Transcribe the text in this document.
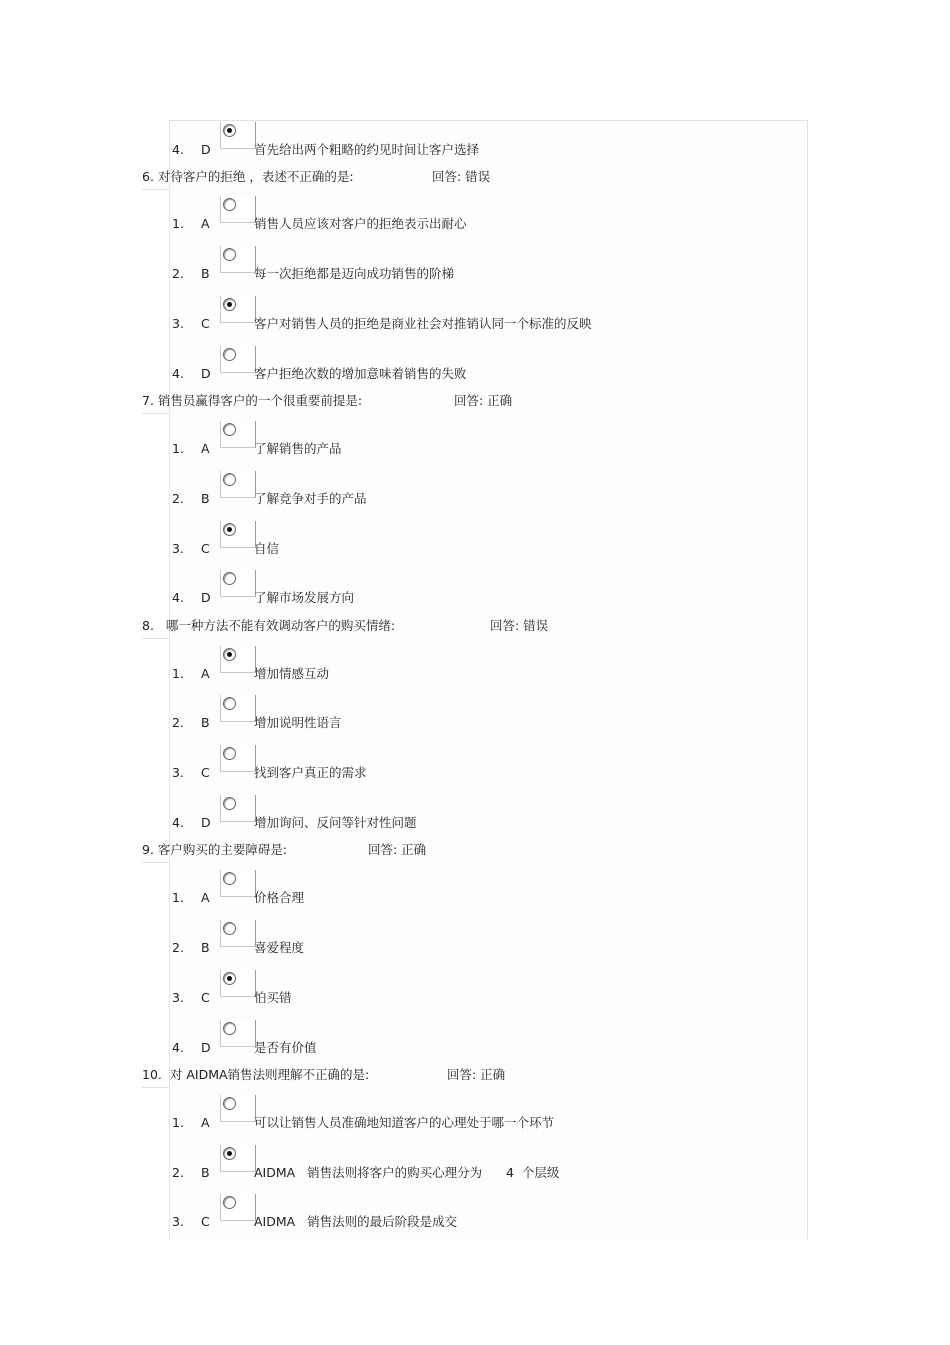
4. D	首先给出两个粗略的约见时间让客户选择
6. 对待客户的拒绝 ，表述不正确的是:	回答: 错误
1. A	销售人员应该对客户的拒绝表示出耐心
2. B	每一次拒绝都是迈向成功销售的阶梯
3. C	客户对销售人员的拒绝是商业社会对推销认同一个标准的反映
4. D	客户拒绝次数的增加意味着销售的失败
7. 销售员赢得客户的一个很重要前提是:	回答: 正确
1. A	了解销售的产品
2. B	了解竞争对手的产品
3. C	自信
4. D	了解市场发展方向
8. 哪一种方法不能有效调动客户的购买情绪:	回答: 错误
1. A	增加情感互动
2. B	增加说明性语言
3. C	找到客户真正的需求
4. D	增加询问、反问等针对性问题
9. 客户购买的主要障碍是:	回答: 正确
1. A	价格合理
2. B	喜爱程度
3. C	怕买错
4. D	是否有价值
10. 对 AIDMA销售法则理解不正确的是:	回答: 正确
1. A	可以让销售人员准确地知道客户的心理处于哪一个环节
2. B	AIDMA   销售法则将客户的购买心理分为      4  个层级
3. C	AIDMA   销售法则的最后阶段是成交
